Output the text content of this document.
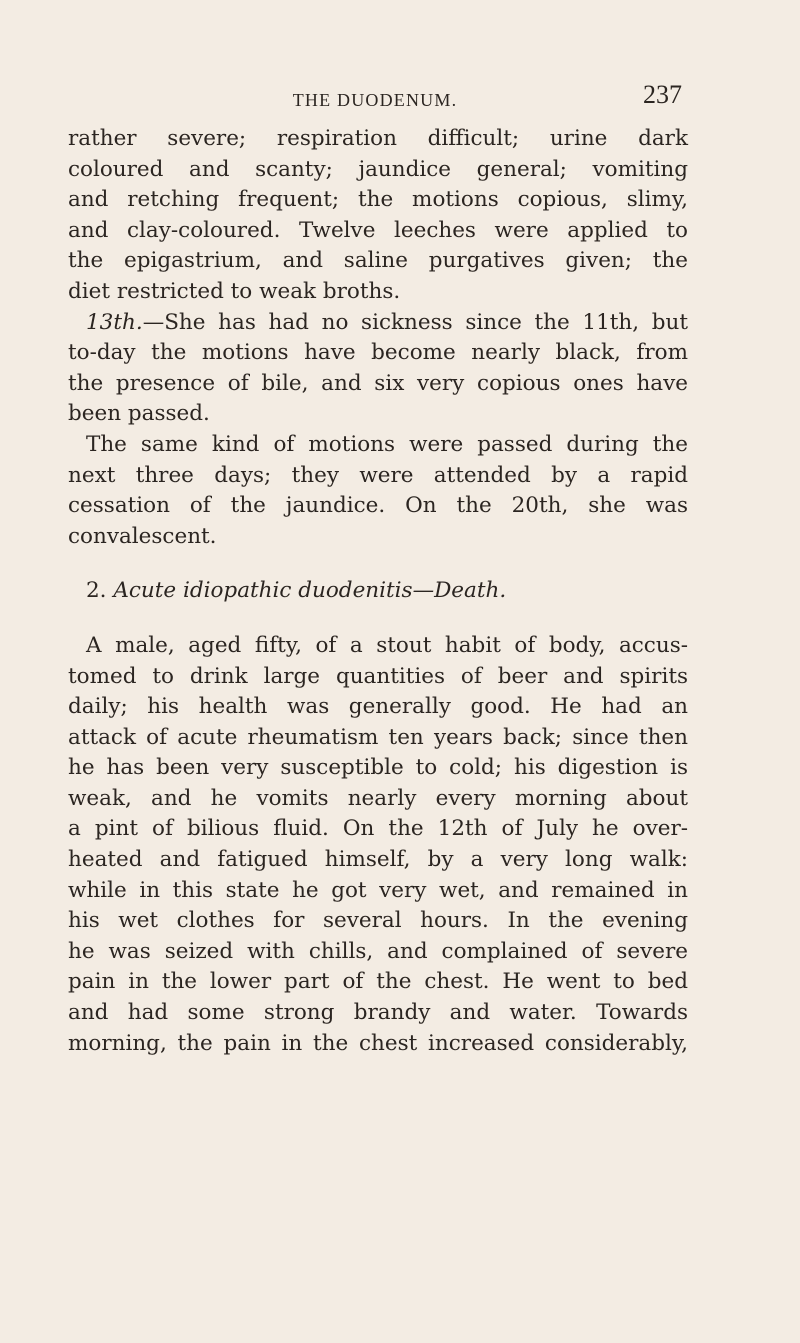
THE DUODENUM.	237
rather severe; respiration difficult; urine dark
coloured and scanty; jaundice general; vomiting
and retching frequent; the motions copious, slimy,
and clay-coloured. Twelve leeches were applied to
the epigastrium, and saline purgatives given; the
diet restricted to weak broths.
13th.—She has had no sickness since the 11th, but
to-day the motions have become nearly black, from
the presence of bile, and six very copious ones have
been passed.
The same kind of motions were passed during the
next three days; they were attended by a rapid
cessation of the jaundice. On the 20th, she was
convalescent.
2. Acute idiopathic duodenitis—Death.
A male, aged fifty, of a stout habit of body, accus-
tomed to drink large quantities of beer and spirits
daily; his health was generally good. He had an
attack of acute rheumatism ten years back; since then
he has been very susceptible to cold; his digestion is
weak, and he vomits nearly every morning about
a pint of bilious fluid. On the 12th of July he over-
heated and fatigued himself, by a very long walk:
while in this state he got very wet, and remained in
his wet clothes for several hours. In the evening
he was seized with chills, and complained of severe
pain in the lower part of the chest. He went to bed
and had some strong brandy and water. Towards
morning, the pain in the chest increased considerably,
